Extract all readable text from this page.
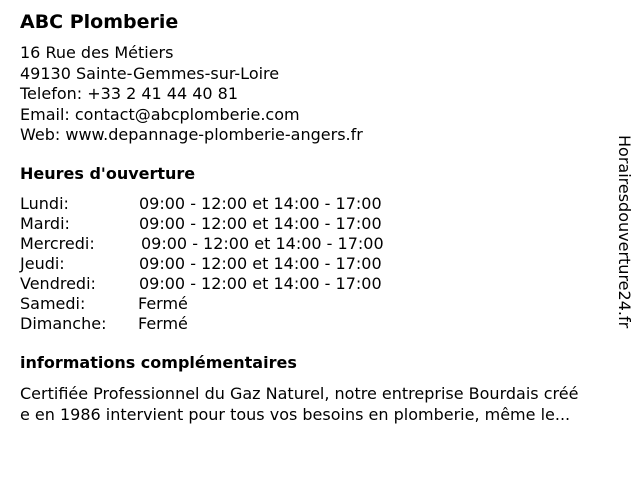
ABC Plomberie
16 Rue des Métiers
49130 Sainte-Gemmes-sur-Loire
Telefon: +33 2 41 44 40 81
Email: contact@abcplomberie.com
Web: www.depannage-plomberie-angers.fr
Heures d'ouverture
Lundi:	09:00 - 12:00 et 14:00 - 17:00
Mardi:	09:00 - 12:00 et 14:00 - 17:00
Mercredi:	09:00 - 12:00 et 14:00 - 17:00
Jeudi:	09:00 - 12:00 et 14:00 - 17:00
Vendredi:	09:00 - 12:00 et 14:00 - 17:00
Samedi:	Fermé
Dimanche: Fermé
informations complémentaires
Certifiée Professionnel du Gaz Naturel, notre entreprise Bourdais créé
e en 1986 intervient pour tous vos besoins en plomberie, même le...
Horairesdouverture24.fr
